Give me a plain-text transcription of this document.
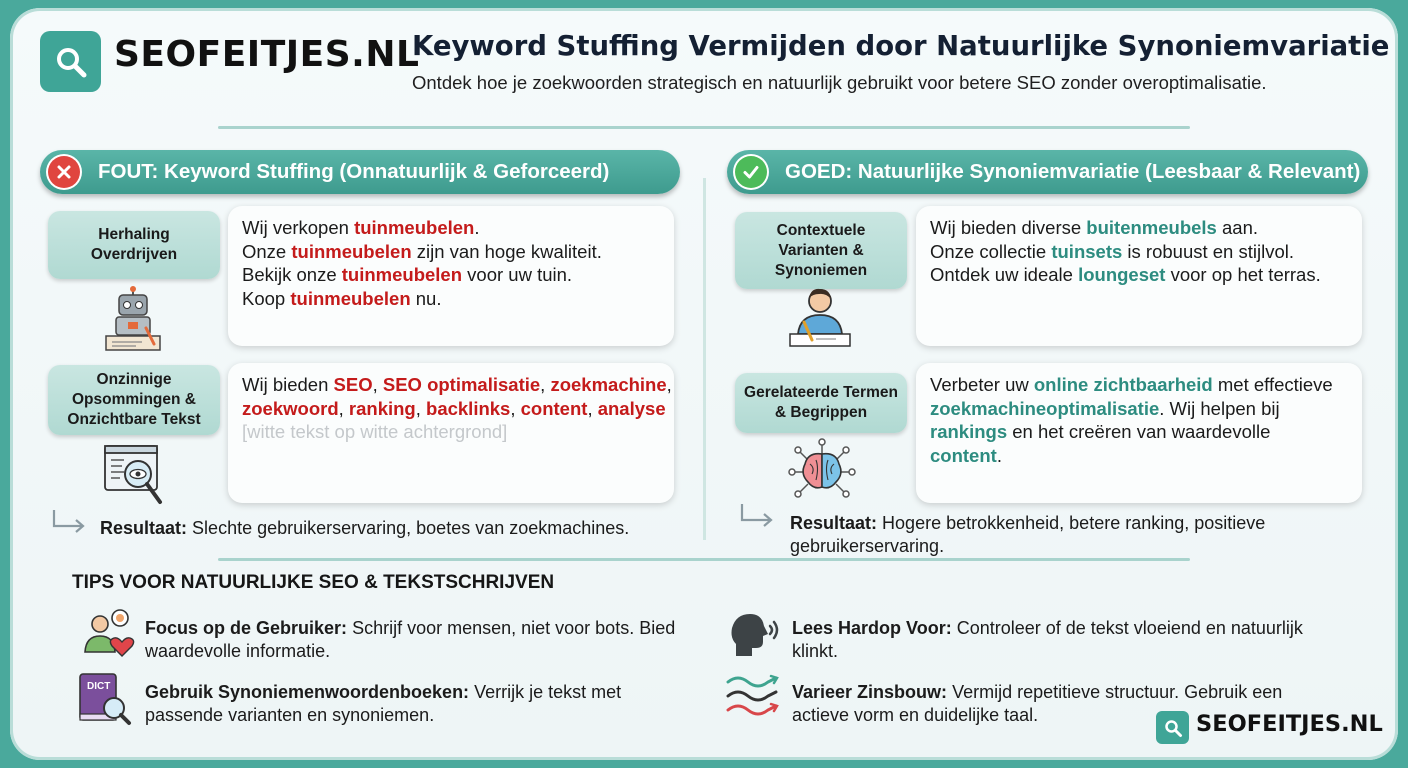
SEOFEITJES.NL
Keyword Stuffing Vermijden door Natuurlijke Synoniemvariatie
Ontdek hoe je zoekwoorden strategisch en natuurlijk gebruikt voor betere SEO zonder overoptimalisatie.
FOUT: Keyword Stuffing (Onnatuurlijk & Geforceerd)	GOED: Natuurlijke Synoniemvariatie (Leesbaar & Relevant)
Herhaling Overdrijven
Wij verkopen tuinmeubelen.
Onze tuinmeubelen zijn van hoge kwaliteit.
Bekijk onze tuinmeubelen voor uw tuin.
Koop tuinmeubelen nu.
Onzinnige Opsommingen & Onzichtbare Tekst
Wij bieden SEO, SEO optimalisatie, zoekmachine,
zoekwoord, ranking, backlinks, content, analyse
[witte tekst op witte achtergrond]
Resultaat: Slechte gebruikerservaring, boetes van zoekmachines.
Contextuele Varianten & Synoniemen
Wij bieden diverse buitenmeubels aan.
Onze collectie tuinsets is robuust en stijlvol.
Ontdek uw ideale loungeset voor op het terras.
Gerelateerde Termen & Begrippen
Verbeter uw online zichtbaarheid met effectieve
zoekmachineoptimalisatie. Wij helpen bij
rankings en het creëren van waardevolle
content.
Resultaat: Hogere betrokkenheid, betere ranking, positieve gebruikerservaring.
TIPS VOOR NATUURLIJKE SEO & TEKSTSCHRIJVEN
Focus op de Gebruiker: Schrijf voor mensen, niet voor bots. Bied waardevolle informatie.
Lees Hardop Voor: Controleer of de tekst vloeiend en natuurlijk klinkt.
DICT Gebruik Synoniemenwoordenboeken: Verrijk je tekst met passende varianten en synoniemen.
Varieer Zinsbouw: Vermijd repetitieve structuur. Gebruik een actieve vorm en duidelijke taal.	SEOFEITJES.NL
